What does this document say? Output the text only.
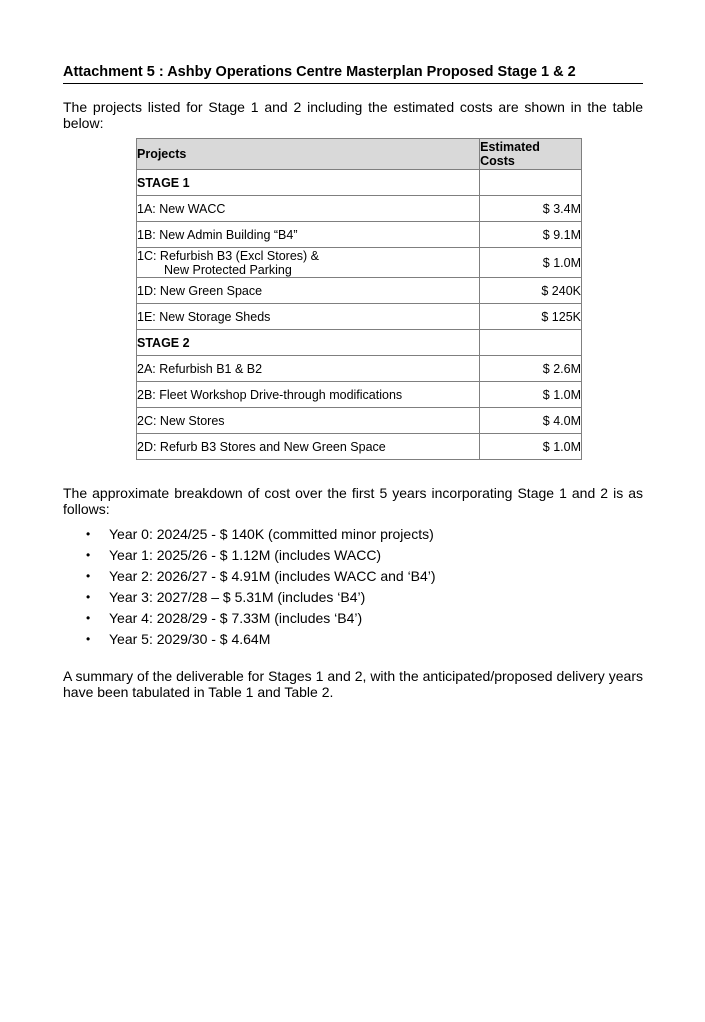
Attachment 5 : Ashby Operations Centre Masterplan Proposed Stage 1 & 2
The projects listed for Stage 1 and 2 including the estimated costs are shown in the table below:
Projects	Estimated
Costs
STAGE 1	
1A: New WACC	$ 3.4M
1B: New Admin Building “B4”	$ 9.1M
1C: Refurbish B3 (Excl Stores) &
New Protected Parking	$ 1.0M
1D: New Green Space	$ 240K
1E: New Storage Sheds	$ 125K
STAGE 2	
2A: Refurbish B1 & B2	$ 2.6M
2B: Fleet Workshop Drive-through modifications	$ 1.0M
2C: New Stores	$ 4.0M
2D: Refurb B3 Stores and New Green Space	$ 1.0M
The approximate breakdown of cost over the first 5 years incorporating Stage 1 and 2 is as follows:
• Year 0: 2024/25 - $ 140K (committed minor projects)
• Year 1: 2025/26 - $ 1.12M (includes WACC)
• Year 2: 2026/27 - $ 4.91M (includes WACC and ‘B4’)
• Year 3: 2027/28 – $ 5.31M (includes ‘B4’)
• Year 4: 2028/29 - $ 7.33M (includes ‘B4’)
• Year 5: 2029/30 - $ 4.64M
A summary of the deliverable for Stages 1 and 2, with the anticipated/proposed delivery years have been tabulated in Table 1 and Table 2.
